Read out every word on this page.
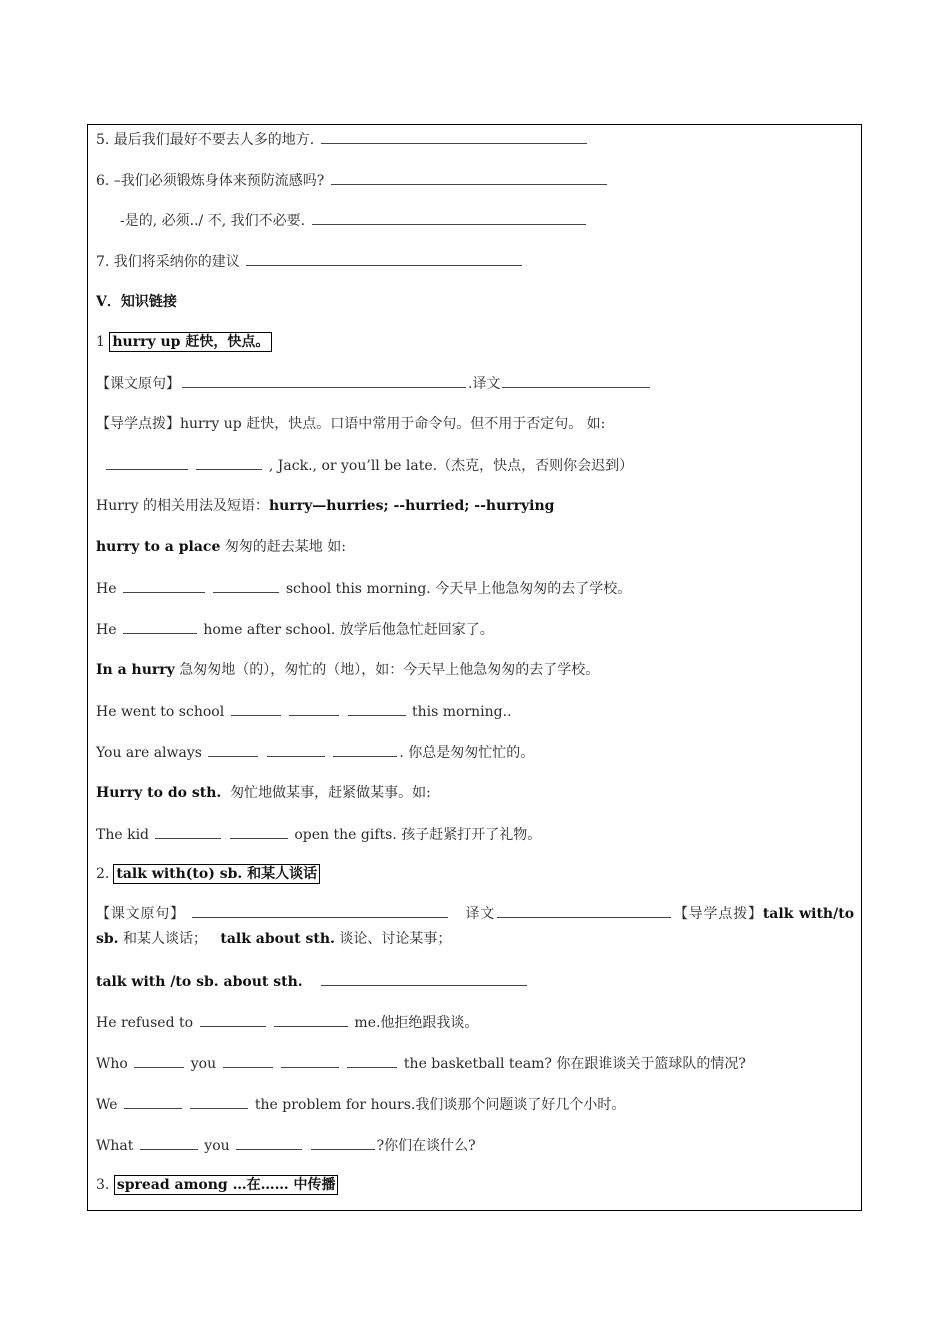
5. 最后我们最好不要去人多的地方.
6. –我们必须锻炼身体来预防流感吗?
-是的, 必须../ 不, 我们不必要.
7. 我们将采纳你的建议
V．知识链接
1 hurry up 赶快，快点。
【课文原句】	.译文
【导学点拨】hurry up 赶快，快点。口语中常用于命令句。但不用于否定句。 如:
, Jack., or you’ll be late.（杰克，快点，否则你会迟到）
Hurry 的相关用法及短语：hurry—hurries; --hurried; --hurrying
hurry to a place 匆匆的赶去某地 如:
He	school this morning. 今天早上他急匆匆的去了学校。
He	home after school. 放学后他急忙赶回家了。
In a hurry 急匆匆地（的），匆忙的（地），如：今天早上他急匆匆的去了学校。
He went to school	this morning..
You are always	. 你总是匆匆忙忙的。
Hurry to do sth. 匆忙地做某事，赶紧做某事。如:
The kid	open the gifts. 孩子赶紧打开了礼物。
2. talk with(to) sb. 和某人谈话
【课文原句】	译文	【导学点拨】talk with/to sb. 和某人谈话； talk about sth. 谈论、讨论某事；
talk with /to sb. about sth.
He refused to	me.他拒绝跟我谈。
Who	you	the basketball team? 你在跟谁谈关于篮球队的情况?
We	the problem for hours.我们谈那个问题谈了好几个小时。
What	you	?你们在谈什么?
3. spread among …在…… 中传播
